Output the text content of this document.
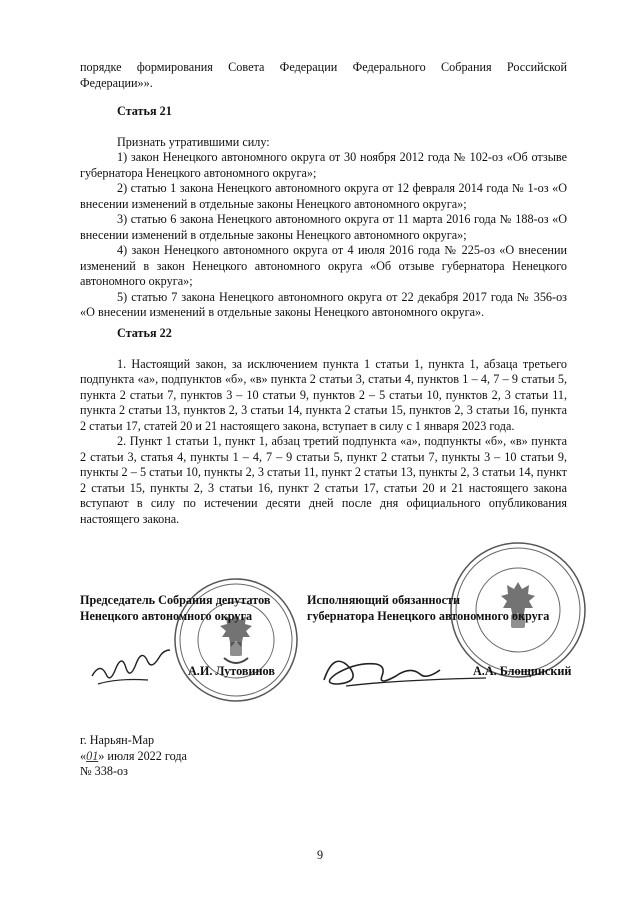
порядке формирования Совета Федерации Федерального Собрания Российской

Федерации»».

Статья 21

Признать утратившими силу:

1) закон Ненецкого автономного округа от 30 ноября 2012 года № 102-оз «Об отзыве губернатора Ненецкого автономного округа»;

2) статью 1 закона Ненецкого автономного округа от 12 февраля 2014 года № 1-оз «О внесении изменений в отдельные законы Ненецкого автономного округа»;

3) статью 6 закона Ненецкого автономного округа от 11 марта 2016 года № 188-оз «О внесении изменений в отдельные законы Ненецкого автономного округа»;

4) закон Ненецкого автономного округа от 4 июля 2016 года № 225-оз «О внесении изменений в закон Ненецкого автономного округа «Об отзыве губернатора Ненецкого автономного округа»;

5) статью 7 закона Ненецкого автономного округа от 22 декабря 2017 года № 356-оз «О внесении изменений в отдельные законы Ненецкого автономного округа».

Статья 22

1. Настоящий закон, за исключением пункта 1 статьи 1, пункта 1, абзаца третьего подпункта «а», подпунктов «б», «в» пункта 2 статьи 3, статьи 4, пунктов 1 – 4, 7 – 9 статьи 5, пункта 2 статьи 7, пунктов 3 – 10 статьи 9, пунктов 2 – 5 статьи 10, пунктов 2, 3 статьи 11, пункта 2 статьи 13, пунктов 2, 3 статьи 14, пункта 2 статьи 15, пунктов 2, 3 статьи 16, пункта 2 статьи 17, статей 20 и 21 настоящего закона, вступает в силу с 1 января 2023 года.

2. Пункт 1 статьи 1, пункт 1, абзац третий подпункта «а», подпункты «б», «в» пункта 2 статьи 3, статья 4, пункты 1 – 4, 7 – 9 статьи 5, пункт 2 статьи 7, пункты 3 – 10 статьи 9, пункты 2 – 5 статьи 10, пункты 2, 3 статьи 11, пункт 2 статьи 13, пункты 2, 3 статьи 14, пункт 2 статьи 15, пункты 2, 3 статьи 16, пункт 2 статьи 17, статьи 20 и 21 настоящего закона вступают в силу по истечении десяти дней после дня официального опубликования настоящего закона.

Председатель Собрания депутатов
Ненецкого автономного округа
Исполняющий обязанности
губернатора Ненецкого автономного округа
А.И. Лутовинов	А.А. Блощинский
г. Нарьян-Мар
«01» июля 2022 года
№ 338-оз
9
